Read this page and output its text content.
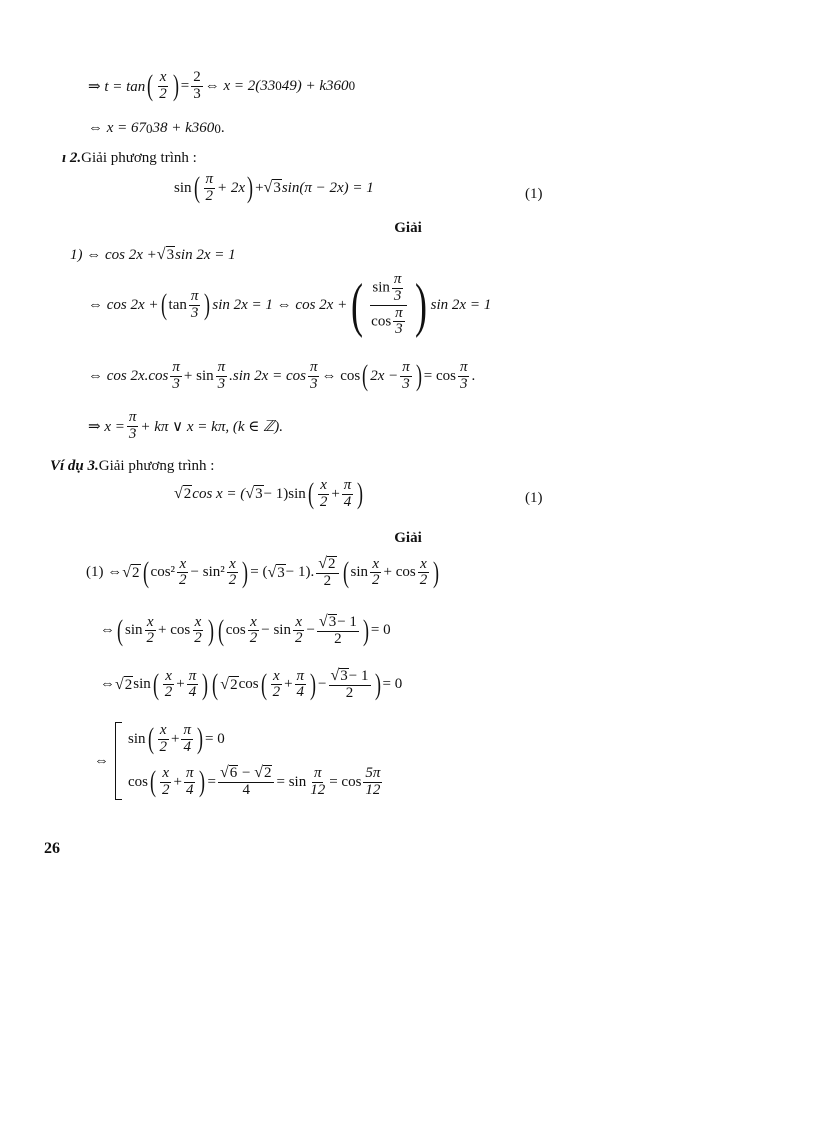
⇒ t = tan ( $\frac{x}{2}$ ) = $\frac{2}{3}$ ⇔ x = 2(33 0 49) + k360 0
⇔ x = 67 0 38 + k360 0 .
ı 2. Giải phương trình :
sin ( $\frac{\pi}{2} + 2x$ ) + √ 3 sin(π − 2x) = 1	(1)
Giải
1) ⇔ cos 2x + √ 3 sin 2x = 1
⇔ cos 2x + ( $\tan \frac{\pi}{3}$ ) sin 2x = 1 ⇔ cos 2x + ( $\frac{\sin \frac{\pi}{3}}{\cos \frac{\pi}{3}}$ ) sin 2x = 1
⇔ $\cos 2x.\cos \frac{\pi}{3} + \sin \frac{\pi}{3} .\sin$ $2x = \cos \frac{\pi}{3}$ ⇔ cos ( $2x - \frac{\pi}{3}$ ) = $\cos \frac{\pi}{3}$ .
⇒ $x = \frac{\pi}{3} + k\pi$ ∨ x = kπ, (k ∈ ℤ).
Ví dụ 3. Giải phương trình :
√ 2 cos x = ( √ 3 − 1)sin ( $\frac{x}{2} + \frac{\pi}{4}$ )	(1)
Giải
(1) ⇔ √ 2 ( $\cos^2 \frac{x}{2} - \sin^2 \frac{x}{2}$ ) = ( √ 3 − 1). $\frac{√ 2}{2}$ ( $\sin \frac{x}{2} + \cos \frac{x}{2}$ )
⇔ ( $\sin \frac{x}{2} + \cos \frac{x}{2}$ ) ( $\cos \frac{x}{2} - \sin \frac{x}{2} - \frac{√ 3 - 1}{2}$ ) = 0
⇔ √ 2 sin ( $\frac{x}{2} + \frac{\pi}{4}$ ) ( √ 2 cos ( $\frac{x}{2} + \frac{\pi}{4}$ ) − $\frac{√ 3 - 1}{2}$ ) = 0
⇔
sin ( $\frac{x}{2} + \frac{\pi}{4}$ ) = 0
cos ( $\frac{x}{2} + \frac{\pi}{4}$ ) = $\frac{√ 6 - √ 2}{4} = \sin \frac{\pi}{12} = \cos \frac{5\pi}{12}$
26
